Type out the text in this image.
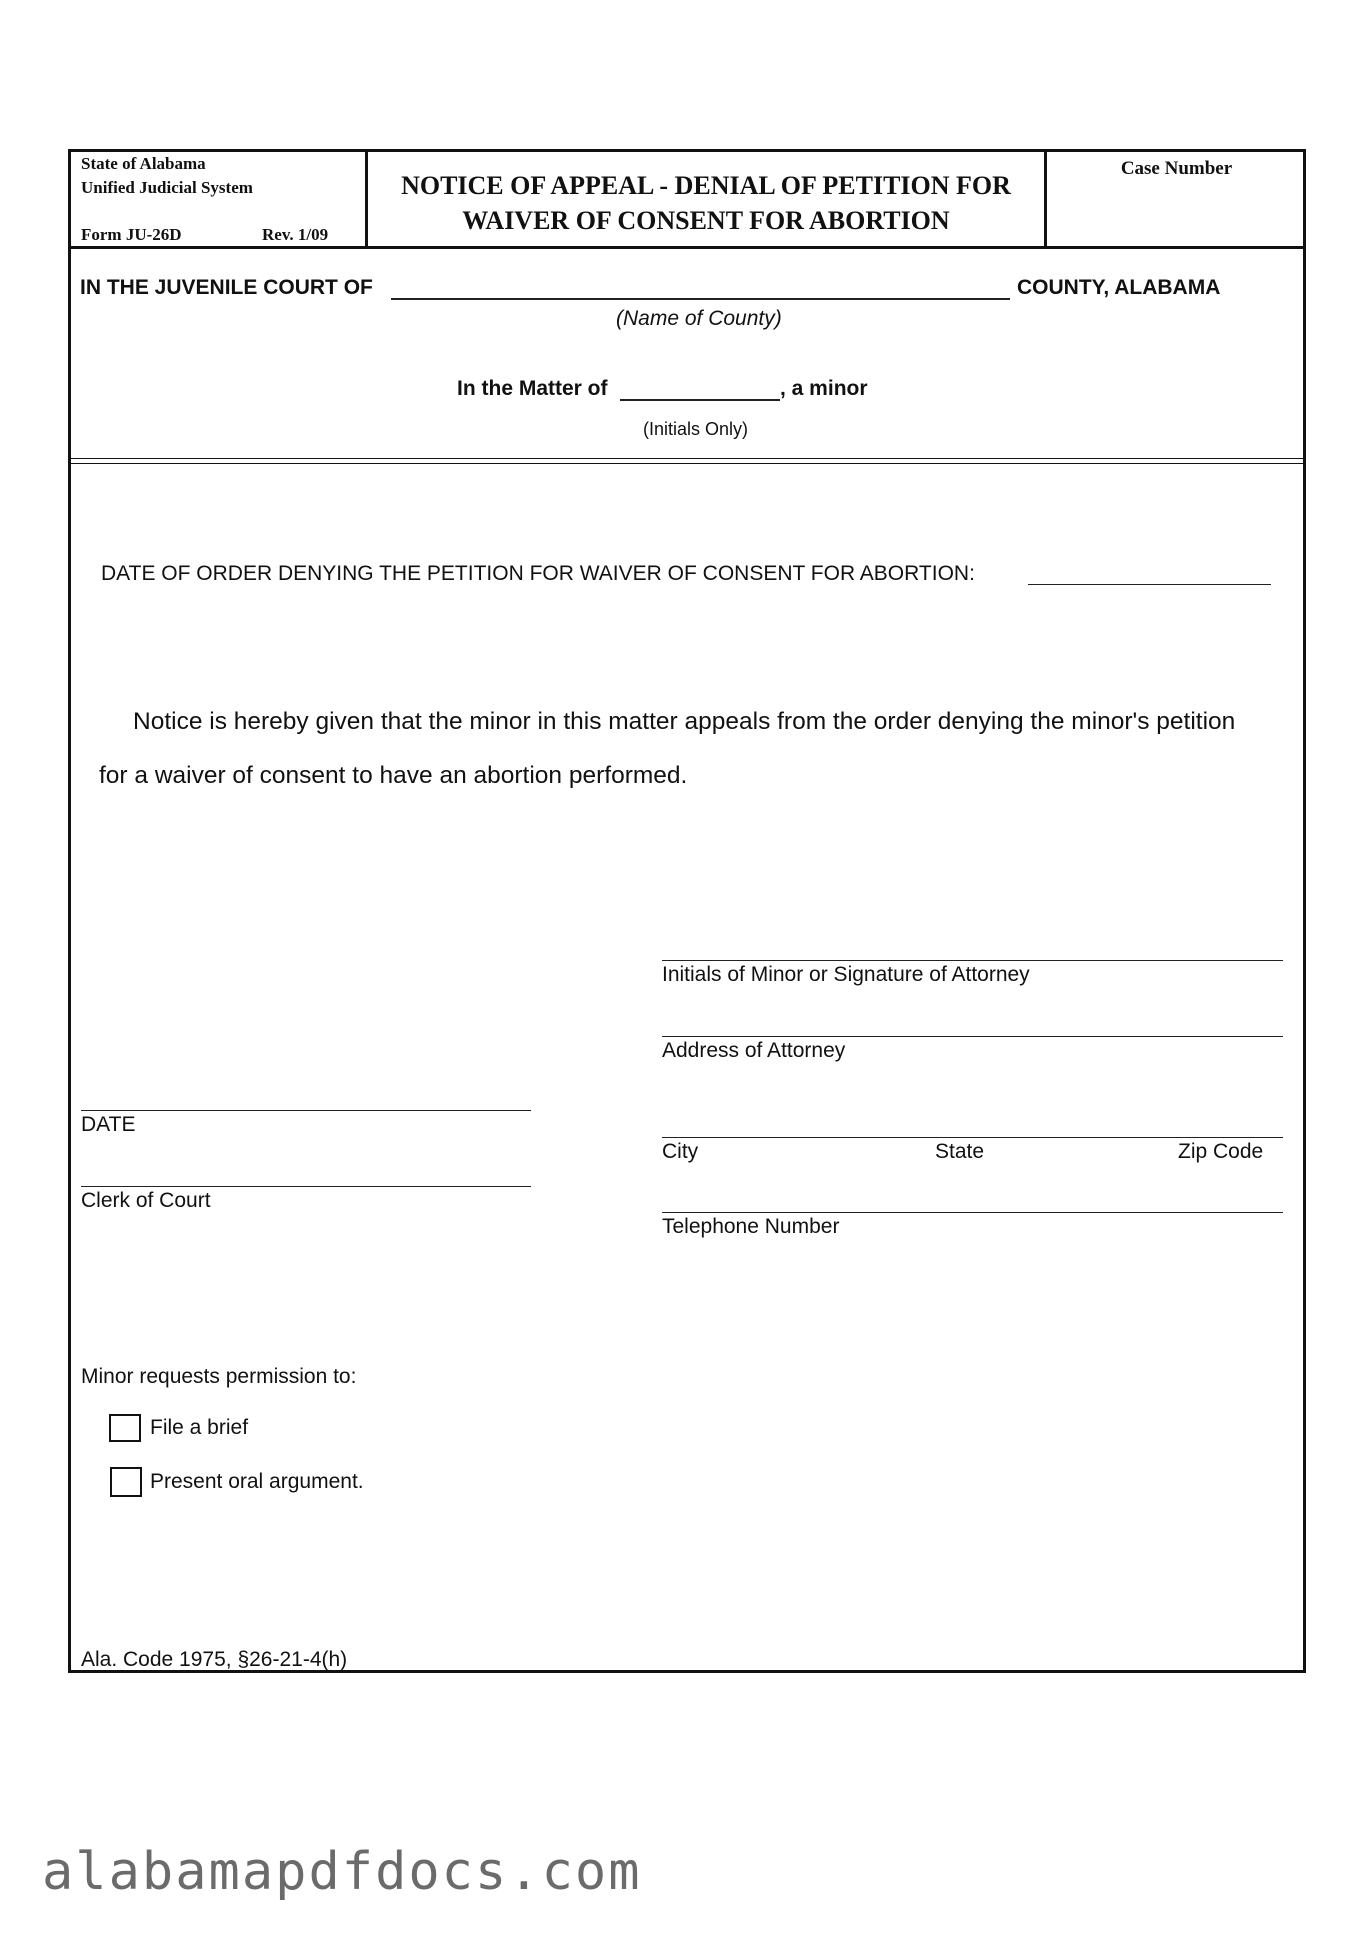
State of Alabama
Unified Judicial System
Form JU-26D	Rev. 1/09
NOTICE OF APPEAL - DENIAL OF PETITION FOR
WAIVER OF CONSENT FOR ABORTION
Case Number
IN THE JUVENILE COURT OF	COUNTY, ALABAMA
(Name of County)
In the Matter of	, a minor
(Initials Only)
DATE OF ORDER DENYING THE PETITION FOR WAIVER OF CONSENT FOR ABORTION:
Notice is hereby given that the minor in this matter appeals from the order denying the minor's petition
for a waiver of consent to have an abortion performed.
Initials of Minor or Signature of Attorney
Address of Attorney
City	State	Zip Code
Telephone Number
DATE
Clerk of Court
Minor requests permission to:
File a brief
Present oral argument.
Ala. Code 1975, §26-21-4(h)
alabamapdfdocs.com
